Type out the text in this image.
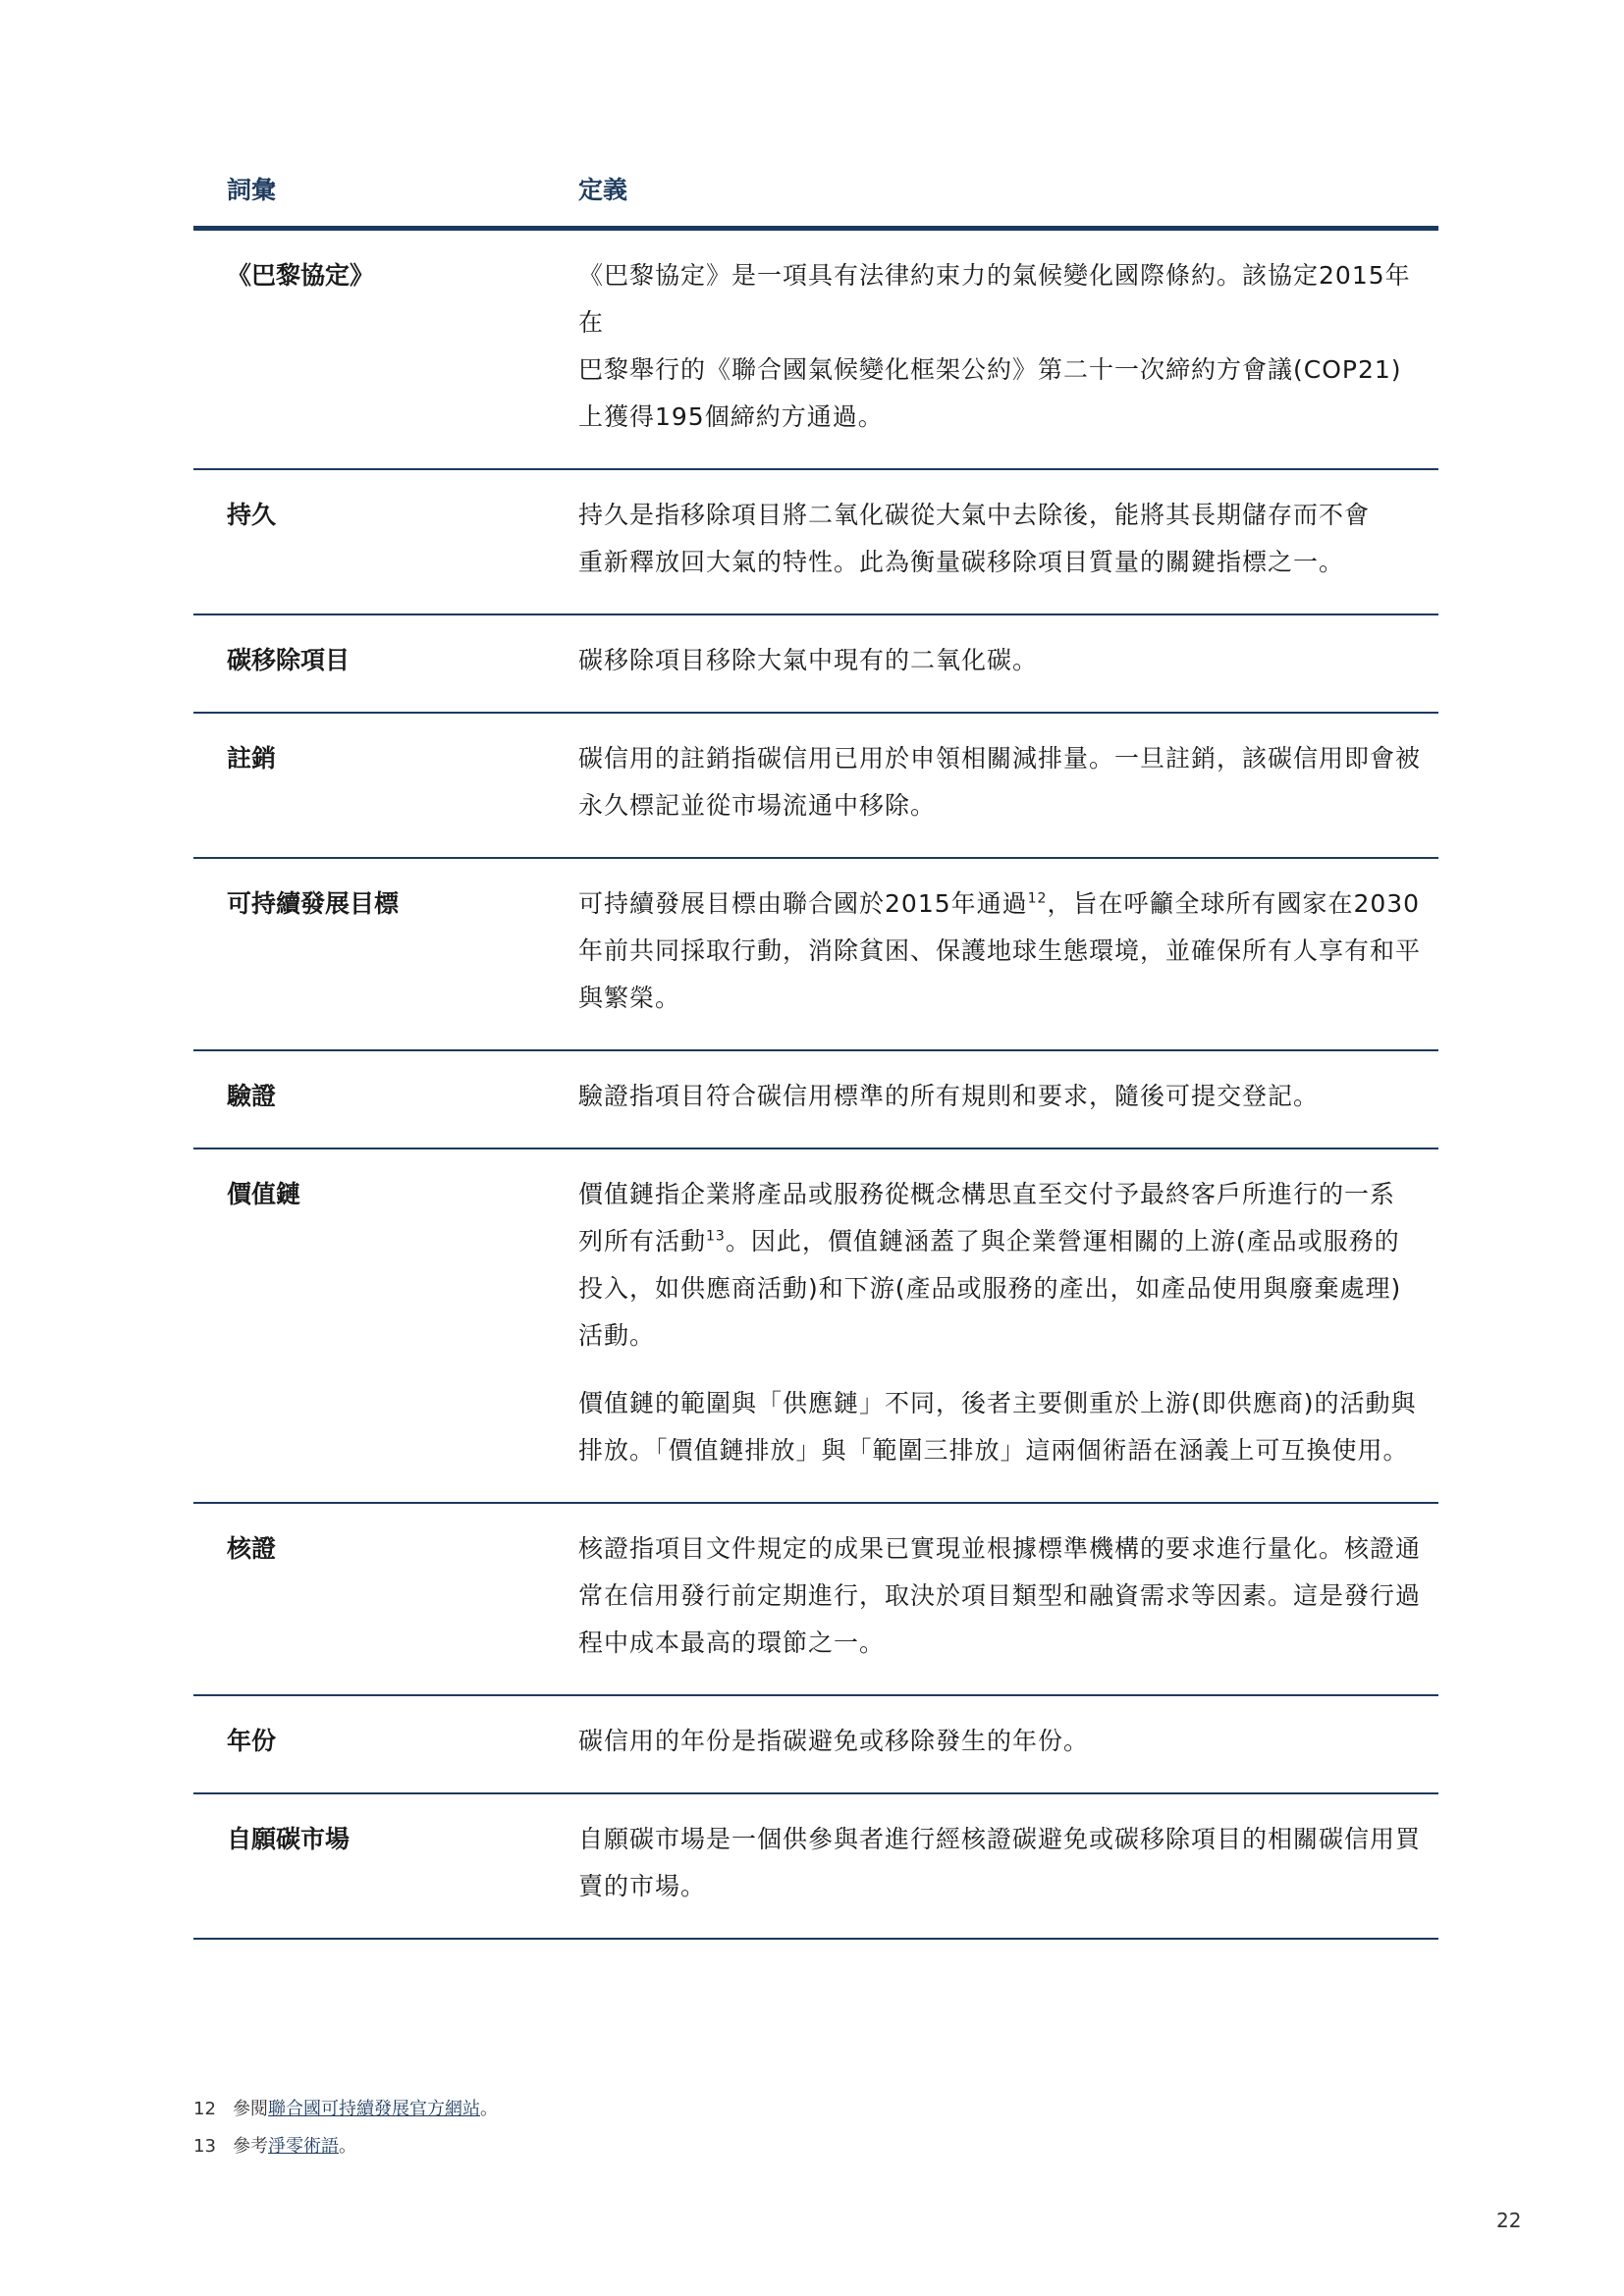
詞彙	定義
《巴黎協定》	《巴黎協定》是一項具有法律約束力的氣候變化國際條約。該協定2015年在
巴黎舉行的《聯合國氣候變化框架公約》第二十一次締約方會議(COP21)
上獲得195個締約方通過。
持久	持久是指移除項目將二氧化碳從大氣中去除後，能將其長期儲存而不會
重新釋放回大氣的特性。此為衡量碳移除項目質量的關鍵指標之一。
碳移除項目	碳移除項目移除大氣中現有的二氧化碳。
註銷	碳信用的註銷指碳信用已用於申領相關減排量。一旦註銷，該碳信用即會被
永久標記並從市場流通中移除。
可持續發展目標	可持續發展目標由聯合國於2015年通過$^{12}$，旨在呼籲全球所有國家在2030
年前共同採取行動，消除貧困、保護地球生態環境，並確保所有人享有和平
與繁榮。
驗證	驗證指項目符合碳信用標準的所有規則和要求，隨後可提交登記。
價值鏈	價值鏈指企業將產品或服務從概念構思直至交付予最終客戶所進行的一系
列所有活動$^{13}$。因此，價值鏈涵蓋了與企業營運相關的上游(產品或服務的
投入，如供應商活動)和下游(產品或服務的產出，如產品使用與廢棄處理)
活動。

價值鏈的範圍與「供應鏈」不同，後者主要側重於上游(即供應商)的活動與
排放。「價值鏈排放」與「範圍三排放」這兩個術語在涵義上可互換使用。

核證	核證指項目文件規定的成果已實現並根據標準機構的要求進行量化。核證通
常在信用發行前定期進行，取決於項目類型和融資需求等因素。這是發行過
程中成本最高的環節之一。
年份	碳信用的年份是指碳避免或移除發生的年份。
自願碳市場	自願碳市場是一個供參與者進行經核證碳避免或碳移除項目的相關碳信用買
賣的市場。
12 參閱聯合國可持續發展官方網站。
13 參考淨零術語。
22
